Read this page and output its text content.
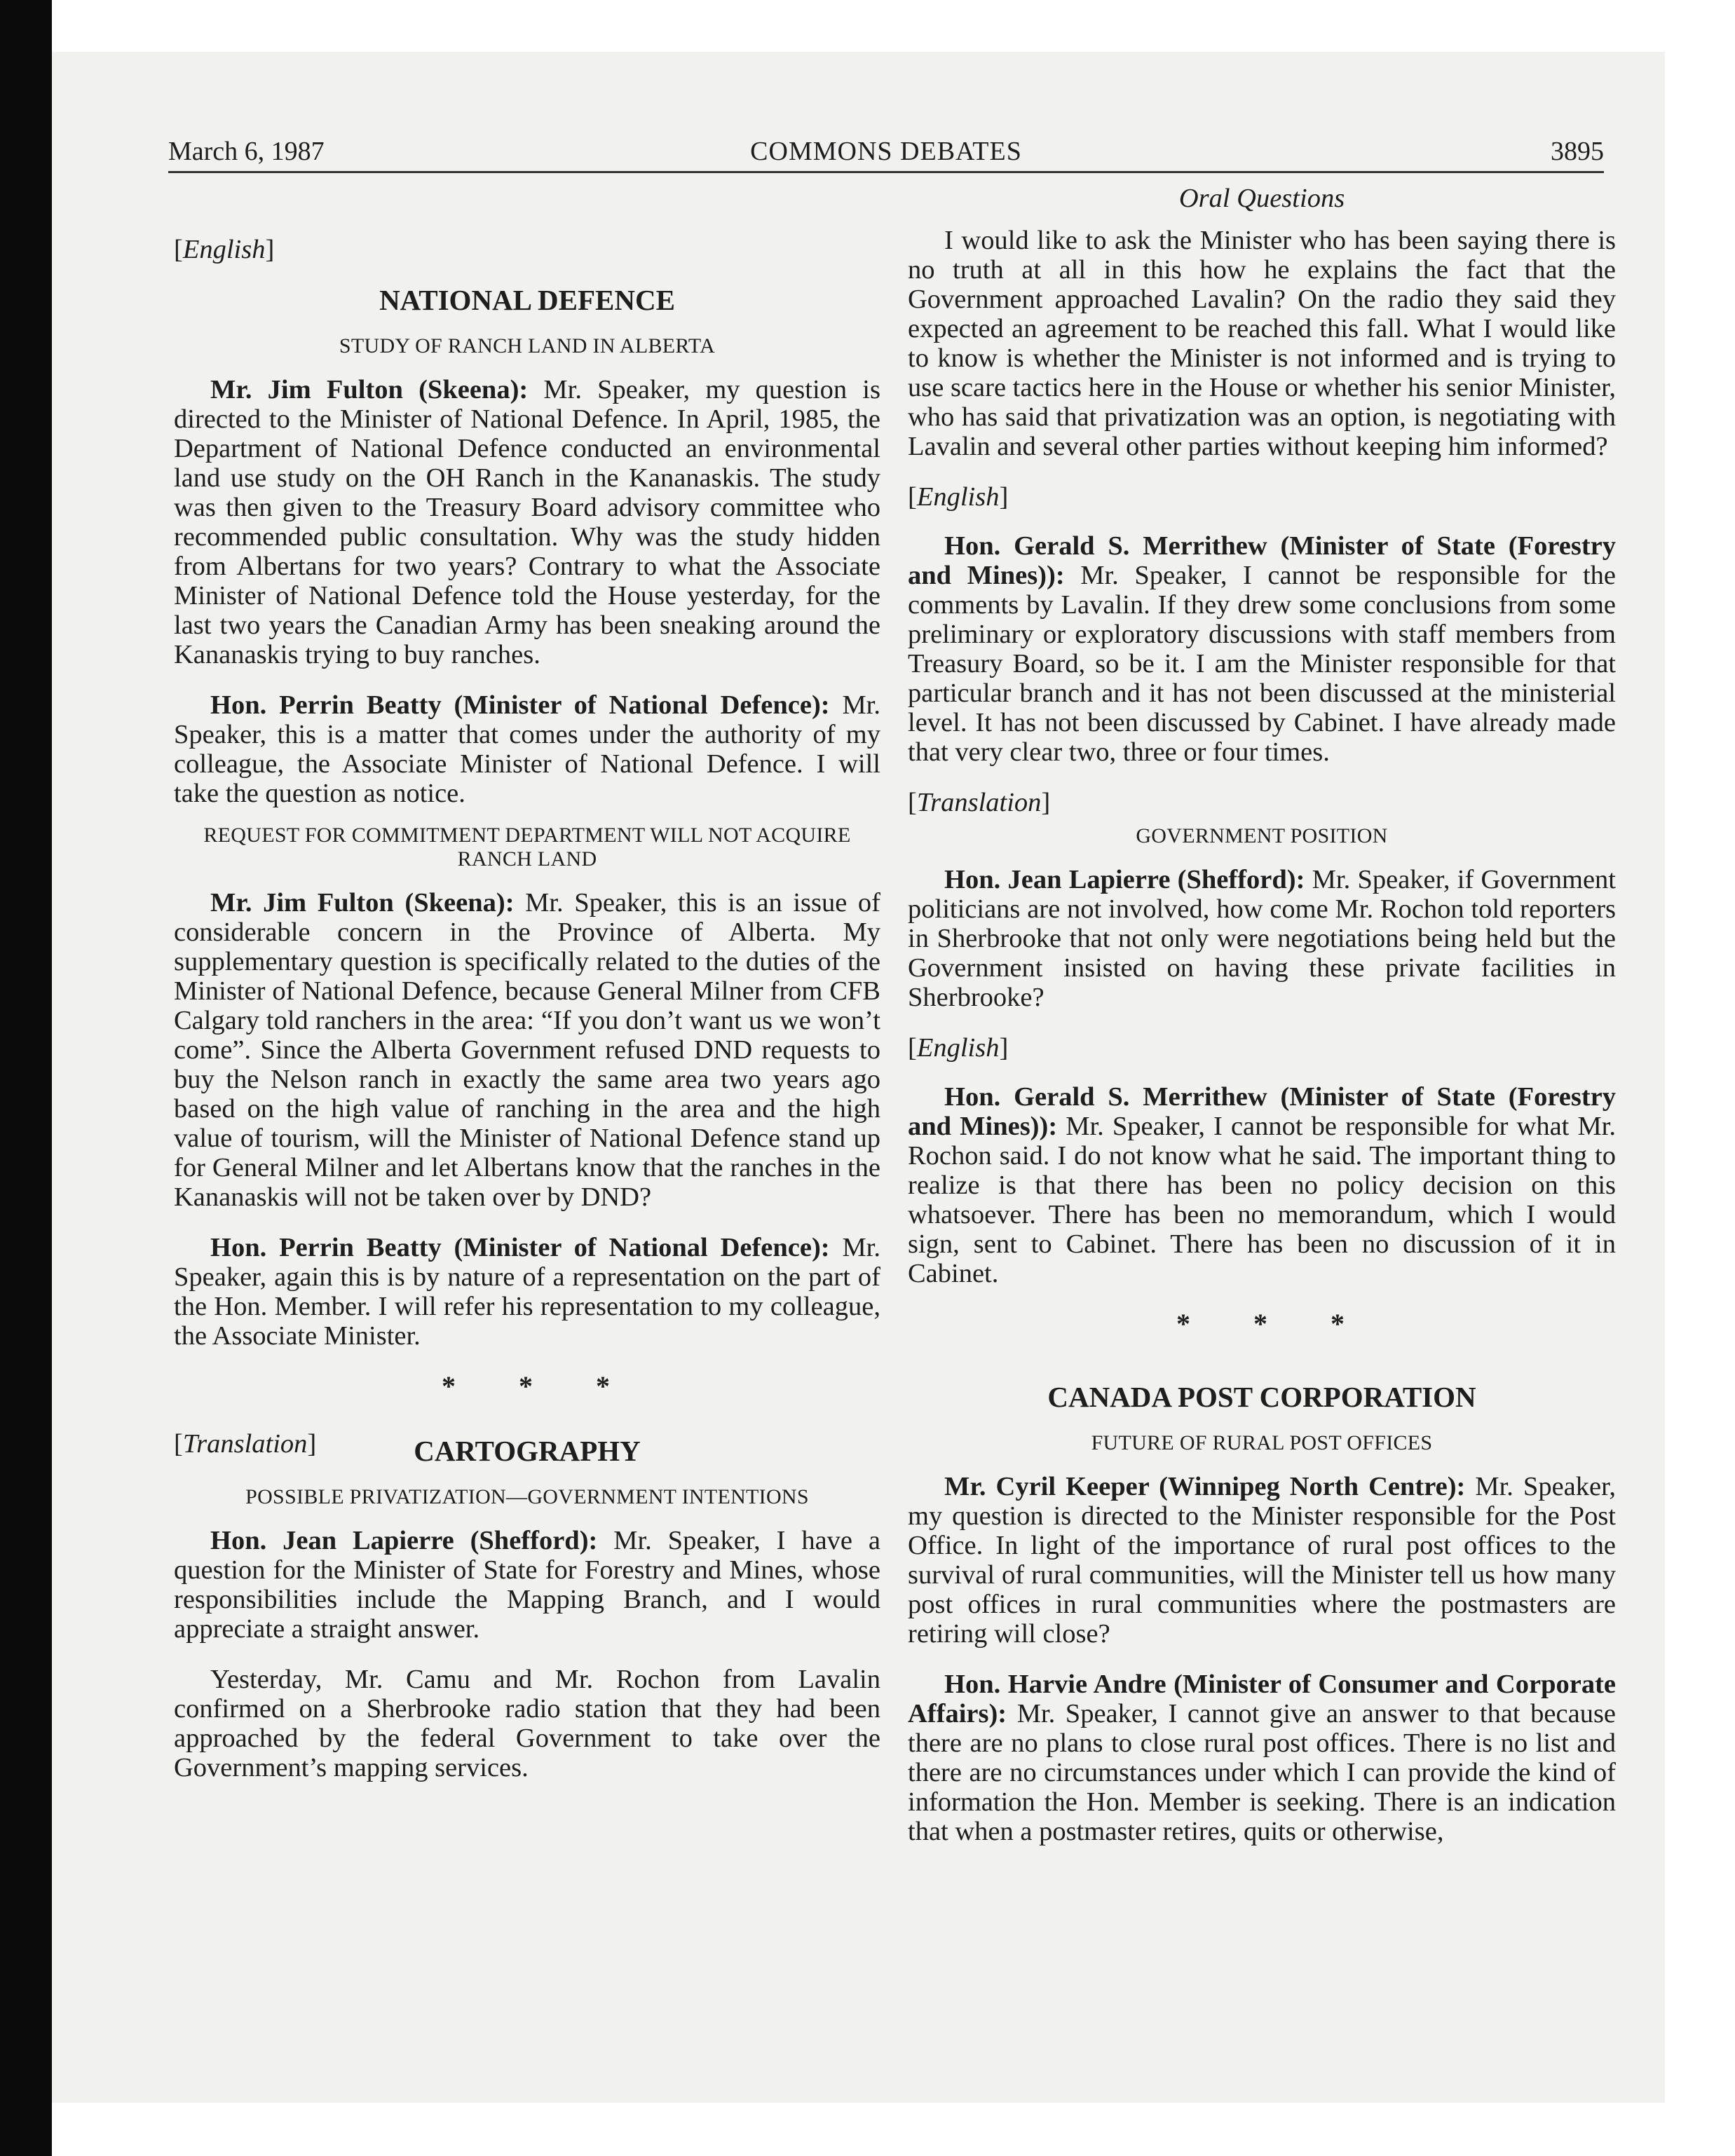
March 6, 1987	COMMONS DEBATES	3895

[English]

NATIONAL DEFENCE
STUDY OF RANCH LAND IN ALBERTA

Mr. Jim Fulton (Skeena): Mr. Speaker, my question is directed to the Minister of National Defence. In April, 1985, the Department of National Defence conducted an environmental land use study on the OH Ranch in the Kananaskis. The study was then given to the Treasury Board advisory committee who recommended public consultation. Why was the study hidden from Albertans for two years? Contrary to what the Associate Minister of National Defence told the House yesterday, for the last two years the Canadian Army has been sneaking around the Kananaskis trying to buy ranches.

Hon. Perrin Beatty (Minister of National Defence): Mr. Speaker, this is a matter that comes under the authority of my colleague, the Associate Minister of National Defence. I will take the question as notice.

REQUEST FOR COMMITMENT DEPARTMENT WILL NOT ACQUIRE RANCH LAND

Mr. Jim Fulton (Skeena): Mr. Speaker, this is an issue of considerable concern in the Province of Alberta. My supplementary question is specifically related to the duties of the Minister of National Defence, because General Milner from CFB Calgary told ranchers in the area: “If you don’t want us we won’t come”. Since the Alberta Government refused DND requests to buy the Nelson ranch in exactly the same area two years ago based on the high value of ranching in the area and the high value of tourism, will the Minister of National Defence stand up for General Milner and let Albertans know that the ranches in the Kananaskis will not be taken over by DND?

Hon. Perrin Beatty (Minister of National Defence): Mr. Speaker, again this is by nature of a representation on the part of the Hon. Member. I will refer his representation to my colleague, the Associate Minister.

* * *

[Translation]	CARTOGRAPHY
POSSIBLE PRIVATIZATION—GOVERNMENT INTENTIONS

Hon. Jean Lapierre (Shefford): Mr. Speaker, I have a question for the Minister of State for Forestry and Mines, whose responsibilities include the Mapping Branch, and I would appreciate a straight answer.

Yesterday, Mr. Camu and Mr. Rochon from Lavalin confirmed on a Sherbrooke radio station that they had been approached by the federal Government to take over the Government’s mapping services.

Oral Questions

I would like to ask the Minister who has been saying there is no truth at all in this how he explains the fact that the Government approached Lavalin? On the radio they said they expected an agreement to be reached this fall. What I would like to know is whether the Minister is not informed and is trying to use scare tactics here in the House or whether his senior Minister, who has said that privatization was an option, is negotiating with Lavalin and several other parties without keeping him informed?

[English]

Hon. Gerald S. Merrithew (Minister of State (Forestry and Mines)): Mr. Speaker, I cannot be responsible for the comments by Lavalin. If they drew some conclusions from some preliminary or exploratory discussions with staff members from Treasury Board, so be it. I am the Minister responsible for that particular branch and it has not been discussed at the ministerial level. It has not been discussed by Cabinet. I have already made that very clear two, three or four times.

[Translation]

GOVERNMENT POSITION

Hon. Jean Lapierre (Shefford): Mr. Speaker, if Government politicians are not involved, how come Mr. Rochon told reporters in Sherbrooke that not only were negotiations being held but the Government insisted on having these private facilities in Sherbrooke?

[English]

Hon. Gerald S. Merrithew (Minister of State (Forestry and Mines)): Mr. Speaker, I cannot be responsible for what Mr. Rochon said. I do not know what he said. The important thing to realize is that there has been no policy decision on this whatsoever. There has been no memorandum, which I would sign, sent to Cabinet. There has been no discussion of it in Cabinet.

* * *
CANADA POST CORPORATION
FUTURE OF RURAL POST OFFICES

Mr. Cyril Keeper (Winnipeg North Centre): Mr. Speaker, my question is directed to the Minister responsible for the Post Office. In light of the importance of rural post offices to the survival of rural communities, will the Minister tell us how many post offices in rural communities where the postmasters are retiring will close?

Hon. Harvie Andre (Minister of Consumer and Corporate Affairs): Mr. Speaker, I cannot give an answer to that because there are no plans to close rural post offices. There is no list and there are no circumstances under which I can provide the kind of information the Hon. Member is seeking. There is an indication that when a postmaster retires, quits or otherwise,
